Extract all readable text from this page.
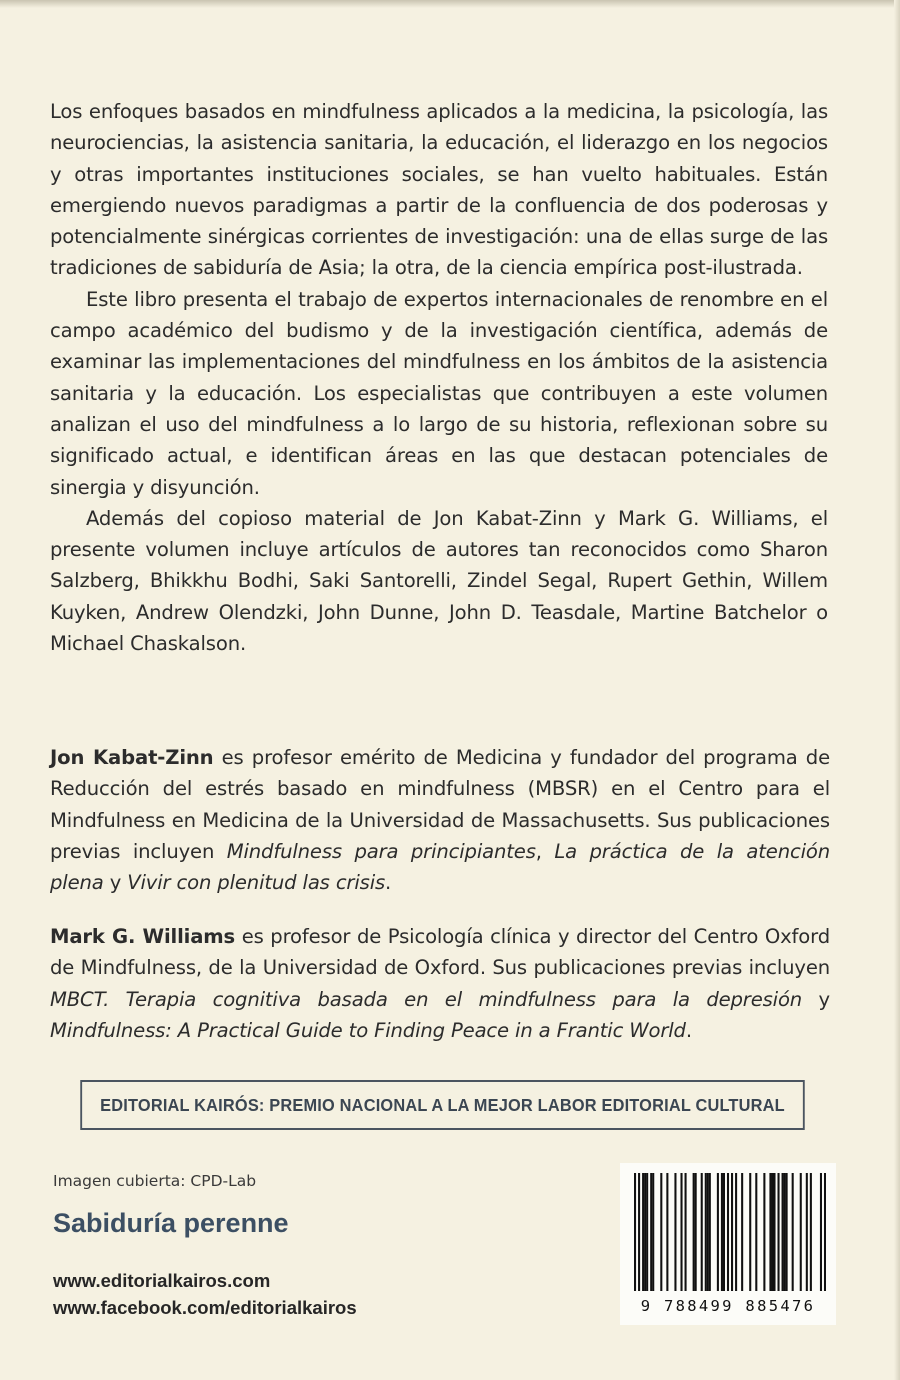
Los enfoques basados en mindfulness aplicados a la medicina, la psicología, las neurociencias, la asistencia sanitaria, la educación, el liderazgo en los negocios y otras importantes instituciones sociales, se han vuelto habituales. Están emergiendo nuevos paradigmas a partir de la confluencia de dos poderosas y potencialmente sinérgicas corrientes de investigación: una de ellas surge de las tradiciones de sabiduría de Asia; la otra, de la ciencia empírica post-ilustrada.

Este libro presenta el trabajo de expertos internacionales de renombre en el campo académico del budismo y de la investigación científica, además de examinar las implementaciones del mindfulness en los ámbitos de la asistencia sanitaria y la educación. Los especialistas que contribuyen a este volumen analizan el uso del mindfulness a lo largo de su historia, reflexionan sobre su significado actual, e identifican áreas en las que destacan potenciales de sinergia y disyunción.

Además del copioso material de Jon Kabat-Zinn y Mark G. Williams, el presente volumen incluye artículos de autores tan reconocidos como Sharon Salzberg, Bhikkhu Bodhi, Saki Santorelli, Zindel Segal, Rupert Gethin, Willem Kuyken, Andrew Olendzki, John Dunne, John D. Teasdale, Martine Batchelor o Michael Chaskalson.

Jon Kabat-Zinn es profesor emérito de Medicina y fundador del programa de Reducción del estrés basado en mindfulness (MBSR) en el Centro para el Mindfulness en Medicina de la Universidad de Massachusetts. Sus publicaciones previas incluyen Mindfulness para principiantes, La práctica de la atención plena y Vivir con plenitud las crisis.

Mark G. Williams es profesor de Psicología clínica y director del Centro Oxford de Mindfulness, de la Universidad de Oxford. Sus publicaciones previas incluyen MBCT. Terapia cognitiva basada en el mindfulness para la depresión y Mindfulness: A Practical Guide to Finding Peace in a Frantic World.

EDITORIAL KAIRÓS: PREMIO NACIONAL A LA MEJOR LABOR EDITORIAL CULTURAL
Imagen cubierta: CPD-Lab
Sabiduría perenne
www.editorialkairos.com
www.facebook.com/editorialkairos	9 788499 885476
